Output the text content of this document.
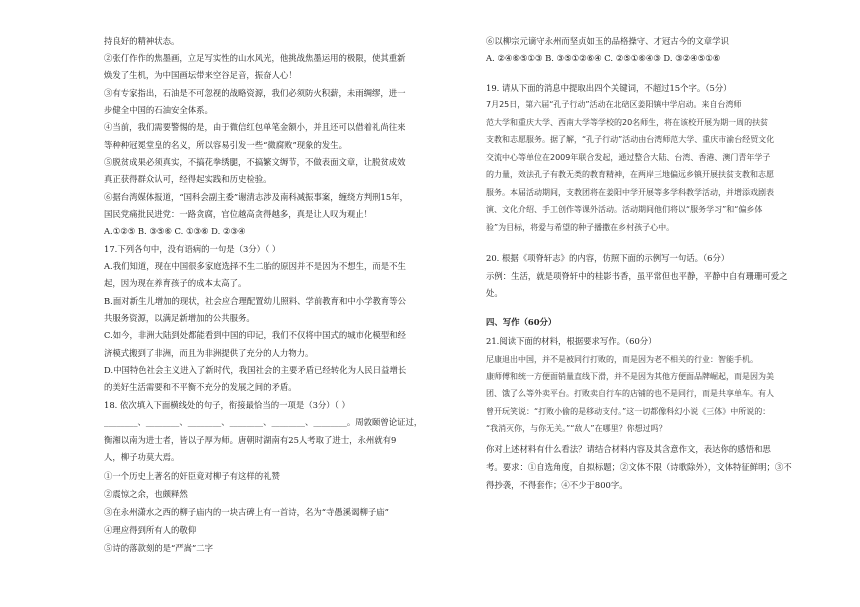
持良好的精神状态。
②张仃作作的焦墨画，立足写实性的山水风光，他挑战焦墨运用的极限，使其重新
焕发了生机，为中国画坛带来空谷足音，振奋人心！
③有专家指出，石油是不可忽视的战略资源，我们必须防火积薪，未雨绸缪，进一
步健全中国的石油安全体系。
④当前，我们需要警惕的是，由于微信红包单笔金额小，并且还可以借着礼尚往来
等种种冠冕堂皇的名义，所以容易引发一些“微腐败”现象的发生。
⑤脱贫成果必须真实，不搞花拳绣腿，不搞繁文缛节，不做表面文章，让脱贫成效
真正获得群众认可，经得起实践和历史检验。
⑥据台湾媒体报道，“国科会副主委”谢清志涉及南科减振事案，缠绕方判刑15年，
国民党痛批民进党：一路贪腐，官位越高贪得越多，真是让人叹为观止！
A.①②⑤ B. ③⑤⑥ C. ①③⑥ D. ②③④
17.下列各句中，没有语病的一句是（3分）（ ）
A.我们知道，现在中国很多家庭选择不生二胎的原因并不是因为不想生，而是不生
起，因为现在养育孩子的成本太高了。
B.面对新生儿增加的现状，社会应合理配置幼儿照料、学前教育和中小学教育等公
共服务资源，以满足新增加的公共服务。
C.如今，非洲大陆到处都能看到中国的印记，我们不仅将中国式的城市化模型和经
济模式搬到了非洲，而且为非洲提供了充分的人力物力。
D.中国特色社会主义进入了新时代，我国社会的主要矛盾已经转化为人民日益增长
的美好生活需要和不平衡不充分的发展之间的矛盾。
18. 依次填入下面横线处的句子，衔接最恰当的一项是（3分）（ ）
________、________、________、________、________、________。周敦颐曾论证过，
衡湘以南为进士者，皆以子厚为师。唐朝时湖南有25人考取了进士，永州就有9
人，柳子功莫大焉。
①一个历史上著名的奸臣竟对柳子有这样的礼赞
②震惊之余，也颇释然
③在永州潇水之西的柳子庙内的一块古碑上有一首诗，名为“寺愚溪谒柳子庙”
④理应得到所有人的敬仰
⑤诗的落款刻的是“严嵩”二字
⑥以柳宗元谪守永州而坚贞如玉的品格操守、才冠古今的文章学识
A. ②④⑥⑤①③ B. ③⑤①②⑥④ C. ②⑤①⑥④③ D. ③②④⑤①⑥
19. 请从下面的消息中提取出四个关键词，不超过15个字。（5分）
7月25日，第六届“孔子行动”活动在北碚区姜阳镇中学启动。来自台湾师
范大学和重庆大学、西南大学等学校的20名师生，将在该校开展为期一周的扶贫
支教和志愿服务。据了解，“孔子行动”活动由台湾师范大学、重庆市渝台经贸文化
交流中心等单位在2009年联合发起，通过整合大陆、台湾、香港、澳门青年学子
的力量，效法孔子有教无类的教育精神，在两岸三地偏远乡镇开展扶贫支教和志愿
服务。本届活动期间，支教团将在姜阳中学开展等多学科教学活动，并增添戏剧表
演、文化介绍、手工创作等课外活动。活动期间他们将以“服务学习”和“偏乡体
验”为目标，将爱与希望的种子播撒在乡村孩子心中。
20. 根据《项脊轩志》的内容，仿照下面的示例写一句话。（6分）
示例：生活，就是项脊轩中的桂影书香，虽平常但也平静，平静中自有珊珊可爱之
处。
四、写作（60分）
21.阅读下面的材料，根据要求写作。（60分）
尼康退出中国，并不是被同行打败的，而是因为老不相关的行业：智能手机。
康师傅和统一方便面销量直线下滑，并不是因为其他方便面品牌崛起，而是因为美
团、饿了么等外卖平台。打败卖自行车的店铺的也不是同行，而是共享单车。有人
曾开玩笑说：“打败小偷的是移动支付。”这一切都像科幻小说《三体》中所说的：
“我消灭你，与你无关。”“敌人”在哪里？你想过吗？
你对上述材料有什么看法？请结合材料内容及其含意作文，表达你的感悟和思
考。要求：①自选角度，自拟标题；②文体不限（诗歌除外），文体特征鲜明；③不
得抄袭，不得套作；④不少于800字。
